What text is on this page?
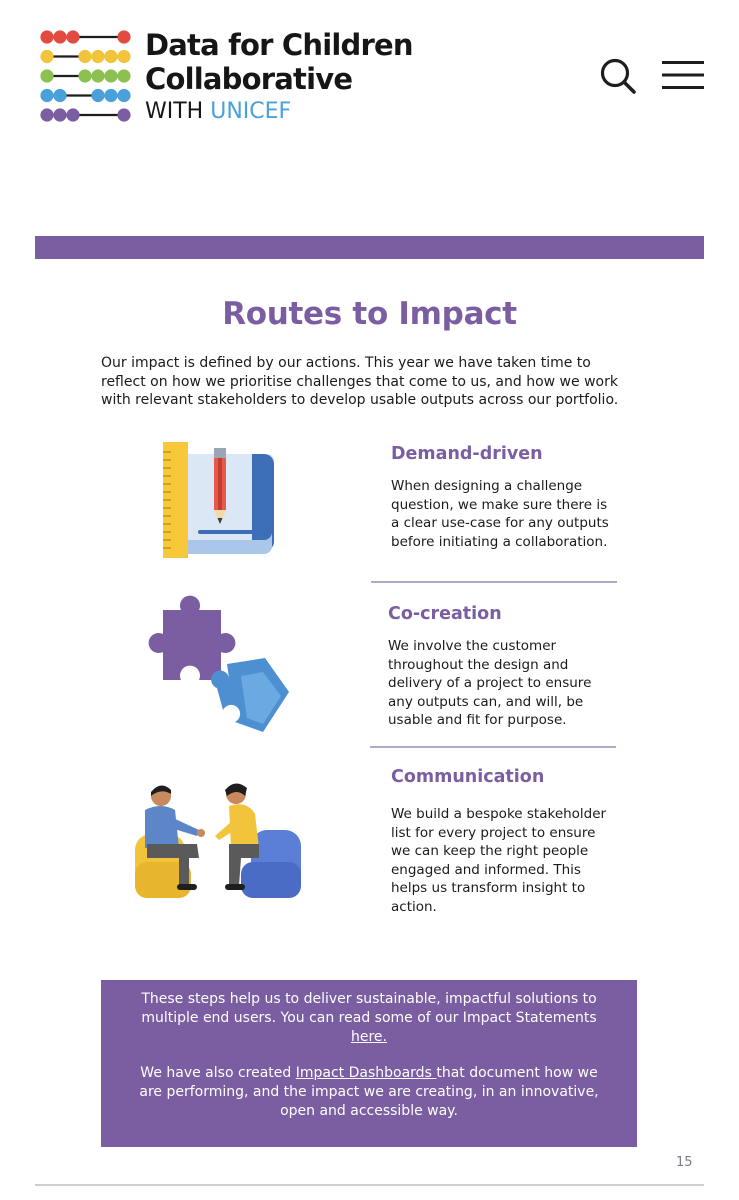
Data for Children
Collaborative
WITH UNICEF
Routes to Impact
Our impact is defined by our actions. This year we have taken time to reflect on how we prioritise challenges that come to us, and how we work with relevant stakeholders to develop usable outputs across our portfolio.
Demand-driven
When designing a challenge question, we make sure there is a clear use-case for any outputs before initiating a collaboration.
Co-creation
We involve the customer throughout the design and delivery of a project to ensure any outputs can, and will, be usable and fit for purpose.
Communication
We build a bespoke stakeholder list for every project to ensure we can keep the right people engaged and informed. This helps us transform insight to action.

These steps help us to deliver sustainable, impactful solutions to multiple end users. You can read some of our Impact Statements here.

We have also created Impact Dashboards that document how we are performing, and the impact we are creating, in an innovative, open and accessible way.

15
